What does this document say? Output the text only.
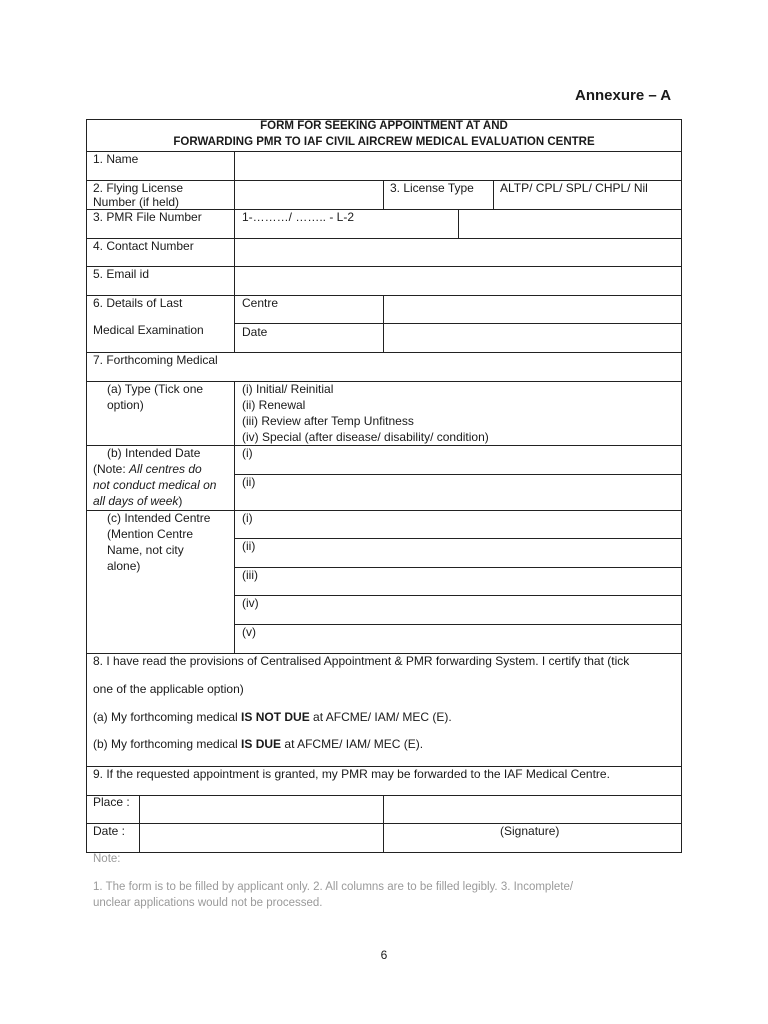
Annexure – A
FORM FOR SEEKING APPOINTMENT AT AND
FORWARDING PMR TO IAF CIVIL AIRCREW MEDICAL EVALUATION CENTRE
1. Name
2. Flying License
Number (if held)
3. License Type ALTP/ CPL/ SPL/ CHPL/ Nil
3. PMR File Number	1-………/ …….. - L-2
4. Contact Number
5. Email id
6. Details of Last
Medical Examination
Centre
Date
7. Forthcoming Medical
(a) Type (Tick one
option)
(i) Initial/ Reinitial
(ii) Renewal
(iii) Review after Temp Unfitness
(iv) Special (after disease/ disability/ condition)
(b) Intended Date
(Note: All centres do
not conduct medical on
all days of week)
(i)
(ii)
(c) Intended Centre
(Mention Centre
Name, not city
alone)
(i)
(ii)
(iii)
(iv)
(v)
8. I have read the provisions of Centralised Appointment & PMR forwarding System. I certify that (tick
one of the applicable option)
(a) My forthcoming medical IS NOT DUE at AFCME/ IAM/ MEC (E).
(b) My forthcoming medical IS DUE at AFCME/ IAM/ MEC (E).
9. If the requested appointment is granted, my PMR may be forwarded to the IAF Medical Centre.
Place :
Date :	(Signature)
Note:
1. The form is to be filled by applicant only. 2. All columns are to be filled legibly. 3. Incomplete/
unclear applications would not be processed.
6
